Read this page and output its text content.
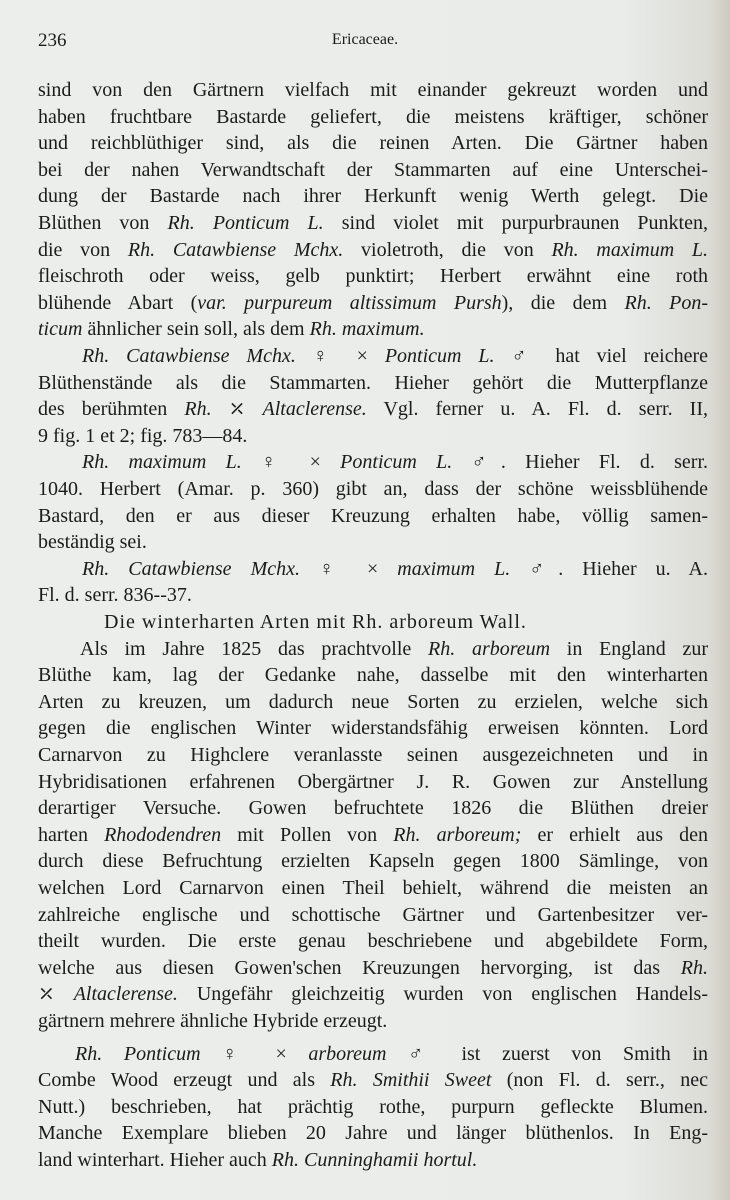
236	Ericaceae.
sind von den Gärtnern vielfach mit einander gekreuzt worden und
haben fruchtbare Bastarde geliefert, die meistens kräftiger, schöner
und reichblüthiger sind, als die reinen Arten. Die Gärtner haben
bei der nahen Verwandtschaft der Stammarten auf eine Unterschei-
dung der Bastarde nach ihrer Herkunft wenig Werth gelegt. Die
Blüthen von Rh. Ponticum L. sind violet mit purpurbraunen Punkten,
die von Rh. Catawbiense Mchx. violetroth, die von Rh. maximum L.
fleischroth oder weiss, gelb punktirt; Herbert erwähnt eine roth
blühende Abart (var. purpureum altissimum Pursh), die dem Rh. Pon-
ticum ähnlicher sein soll, als dem Rh. maximum.
Rh. Catawbiense Mchx. ♀ × Ponticum L. ♂ hat viel reichere
Blüthenstände als die Stammarten. Hieher gehört die Mutterpflanze
des berühmten Rh. ⤫ Altaclerense. Vgl. ferner u. A. Fl. d. serr. II,
9 fig. 1 et 2; fig. 783—84.
Rh. maximum L. ♀ × Ponticum L. ♂. Hieher Fl. d. serr.
1040. Herbert (Amar. p. 360) gibt an, dass der schöne weissblühende
Bastard, den er aus dieser Kreuzung erhalten habe, völlig samen-
beständig sei.
Rh. Catawbiense Mchx. ♀ × maximum L. ♂. Hieher u. A.
Fl. d. serr. 836--37.
Die winterharten Arten mit Rh. arboreum Wall.
Als im Jahre 1825 das prachtvolle Rh. arboreum in England zur
Blüthe kam, lag der Gedanke nahe, dasselbe mit den winterharten
Arten zu kreuzen, um dadurch neue Sorten zu erzielen, welche sich
gegen die englischen Winter widerstandsfähig erweisen könnten. Lord
Carnarvon zu Highclere veranlasste seinen ausgezeichneten und in
Hybridisationen erfahrenen Obergärtner J. R. Gowen zur Anstellung
derartiger Versuche. Gowen befruchtete 1826 die Blüthen dreier
harten Rhododendren mit Pollen von Rh. arboreum; er erhielt aus den
durch diese Befruchtung erzielten Kapseln gegen 1800 Sämlinge, von
welchen Lord Carnarvon einen Theil behielt, während die meisten an
zahlreiche englische und schottische Gärtner und Gartenbesitzer ver-
theilt wurden. Die erste genau beschriebene und abgebildete Form,
welche aus diesen Gowen'schen Kreuzungen hervorging, ist das Rh.
⤫ Altaclerense. Ungefähr gleichzeitig wurden von englischen Handels-
gärtnern mehrere ähnliche Hybride erzeugt.
Rh. Ponticum ♀ × arboreum ♂ ist zuerst von Smith in
Combe Wood erzeugt und als Rh. Smithii Sweet (non Fl. d. serr., nec
Nutt.) beschrieben, hat prächtig rothe, purpurn gefleckte Blumen.
Manche Exemplare blieben 20 Jahre und länger blüthenlos. In Eng-
land winterhart. Hieher auch Rh. Cunninghamii hortul.
